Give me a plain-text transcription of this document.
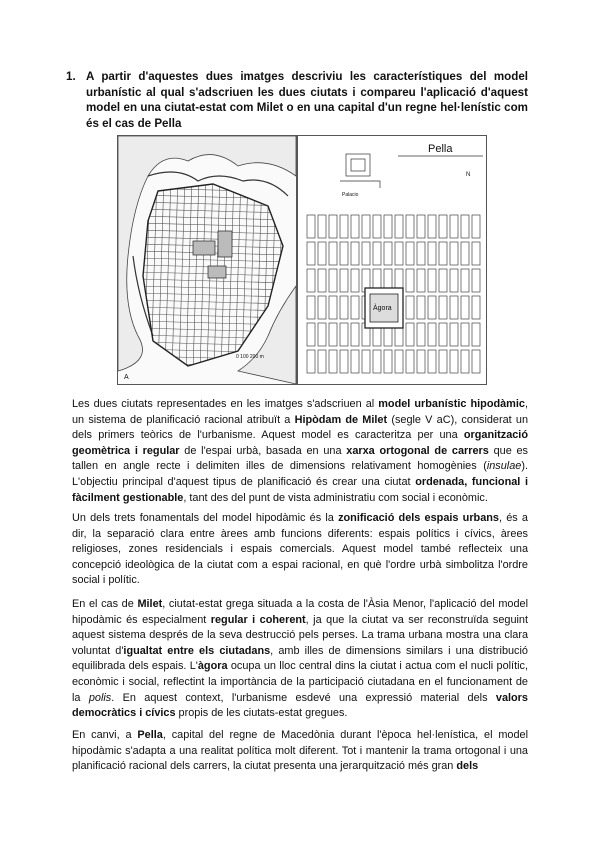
1. A partir d'aquestes dues imatges descriviu les característiques del model urbanístic al qual s'adscriuen les dues ciutats i compareu l'aplicació d'aquest model en una ciutat-estat com Milet o en una capital d'un regne hel·lenístic com és el cas de Pella
A
0 100 200 m
Pella
Palacio
N
Àgora
Les dues ciutats representades en les imatges s'adscriuen al model urbanístic hipodàmic, un sistema de planificació racional atribuït a Hipòdam de Milet (segle V aC), considerat un dels primers teòrics de l'urbanisme. Aquest model es caracteritza per una organització geomètrica i regular de l'espai urbà, basada en una xarxa ortogonal de carrers que es tallen en angle recte i delimiten illes de dimensions relativament homogènies (insulae). L'objectiu principal d'aquest tipus de planificació és crear una ciutat ordenada, funcional i fàcilment gestionable, tant des del punt de vista administratiu com social i econòmic.
Un dels trets fonamentals del model hipodàmic és la zonificació dels espais urbans, és a dir, la separació clara entre àrees amb funcions diferents: espais polítics i cívics, àrees religioses, zones residencials i espais comercials. Aquest model també reflecteix una concepció ideològica de la ciutat com a espai racional, en què l'ordre urbà simbolitza l'ordre social i polític.
En el cas de Milet, ciutat-estat grega situada a la costa de l'Àsia Menor, l'aplicació del model hipodàmic és especialment regular i coherent, ja que la ciutat va ser reconstruïda seguint aquest sistema després de la seva destrucció pels perses. La trama urbana mostra una clara voluntat d'igualtat entre els ciutadans, amb illes de dimensions similars i una distribució equilibrada dels espais. L'àgora ocupa un lloc central dins la ciutat i actua com el nucli polític, econòmic i social, reflectint la importància de la participació ciutadana en el funcionament de la polis. En aquest context, l'urbanisme esdevé una expressió material dels valors democràtics i cívics propis de les ciutats-estat gregues.
En canvi, a Pella, capital del regne de Macedònia durant l'època hel·lenística, el model hipodàmic s'adapta a una realitat política molt diferent. Tot i mantenir la trama ortogonal i una planificació racional dels carrers, la ciutat presenta una jerarquització més gran dels
